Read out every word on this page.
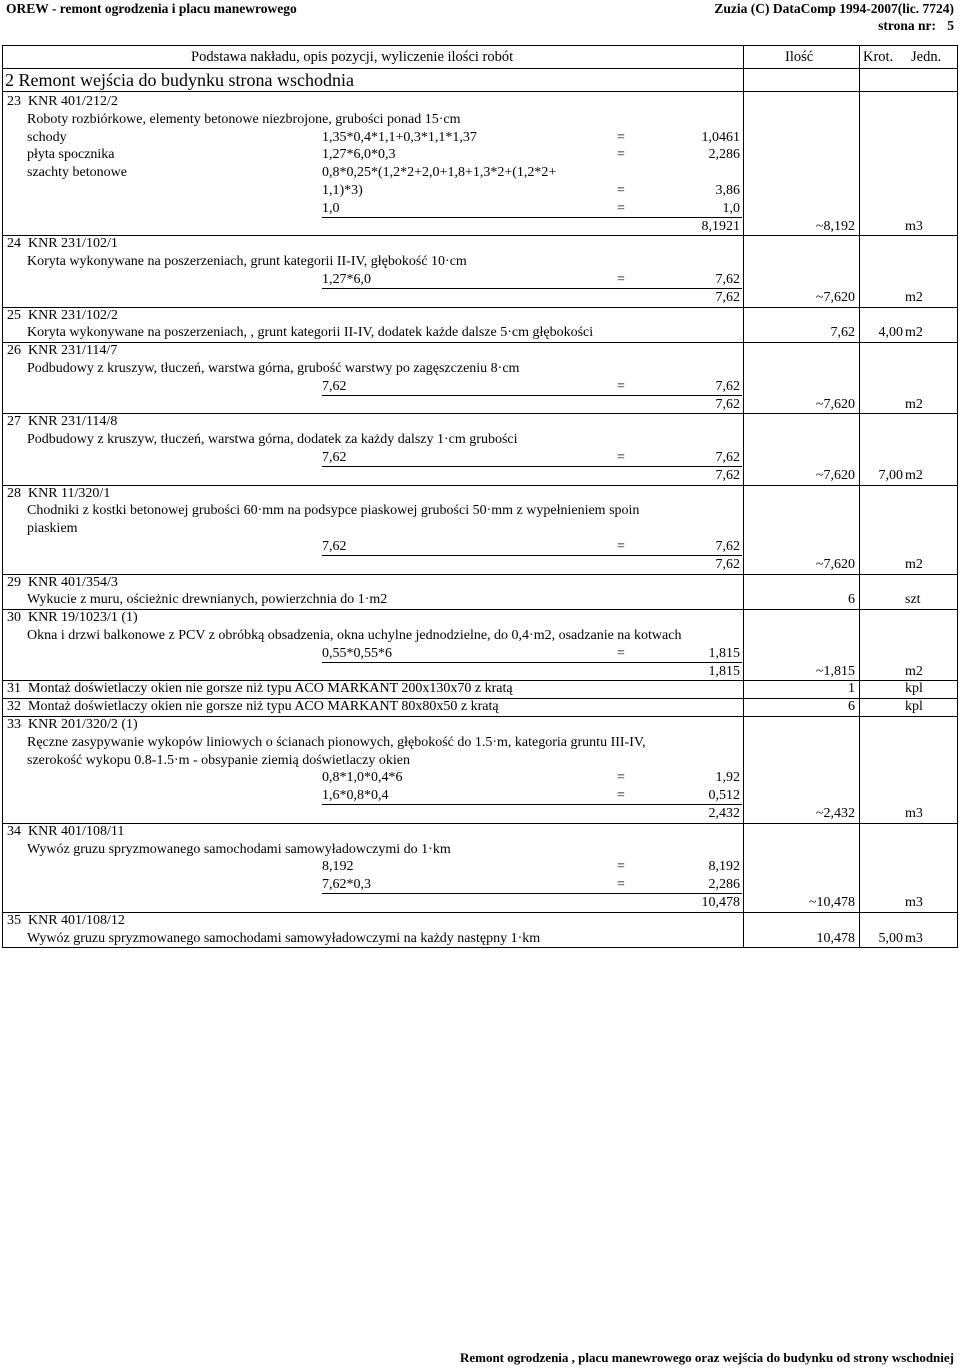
OREW - remont ogrodzenia i placu manewrowego	Zuzia (C) DataComp 1994-2007(lic. 7724)
strona nr: 5
Podstawa nakładu, opis pozycji, wyliczenie ilości robót	Ilość	Krot. Jedn.
2 Remont wejścia do budynku strona wschodnia
23 KNR 401/212/2
Roboty rozbiórkowe, elementy betonowe niezbrojone, grubości ponad 15·cm
schody	1,35*0,4*1,1+0,3*1,1*1,37	=	1,0461
płyta spocznika	1,27*6,0*0,3	=	2,286
szachty betonowe	0,8*0,25*(1,2*2+2,0+1,8+1,3*2+(1,2*2+
1,1)*3)	=	3,86
1,0	=	1,0
8,1921	~8,192	m3
24 KNR 231/102/1
Koryta wykonywane na poszerzeniach, grunt kategorii II-IV, głębokość 10·cm
1,27*6,0	=	7,62
7,62	~7,620	m2
25 KNR 231/102/2
Koryta wykonywane na poszerzeniach, , grunt kategorii II-IV, dodatek każde dalsze 5·cm głębokości	7,62 4,00 m2
26 KNR 231/114/7
Podbudowy z kruszyw, tłuczeń, warstwa górna, grubość warstwy po zagęszczeniu 8·cm
7,62	=	7,62
7,62	~7,620	m2
27 KNR 231/114/8
Podbudowy z kruszyw, tłuczeń, warstwa górna, dodatek za każdy dalszy 1·cm grubości
7,62	=	7,62
7,62	~7,620 7,00 m2
28 KNR 11/320/1
Chodniki z kostki betonowej grubości 60·mm na podsypce piaskowej grubości 50·mm z wypełnieniem spoin
piaskiem
7,62	=	7,62
7,62	~7,620	m2
29 KNR 401/354/3
Wykucie z muru, ościeżnic drewnianych, powierzchnia do 1·m2	6	szt
30 KNR 19/1023/1 (1)
Okna i drzwi balkonowe z PCV z obróbką obsadzenia, okna uchylne jednodzielne, do 0,4·m2, osadzanie na kotwach
0,55*0,55*6	=	1,815
1,815	~1,815	m2
31 Montaż doświetlaczy okien nie gorsze niż typu ACO MARKANT 200x130x70 z kratą	1	kpl
32 Montaż doświetlaczy okien nie gorsze niż typu ACO MARKANT 80x80x50 z kratą	6	kpl
33 KNR 201/320/2 (1)
Ręczne zasypywanie wykopów liniowych o ścianach pionowych, głębokość do 1.5·m, kategoria gruntu III-IV,
szerokość wykopu 0.8-1.5·m - obsypanie ziemią doświetlaczy okien
0,8*1,0*0,4*6	=	1,92
1,6*0,8*0,4	=	0,512
2,432	~2,432	m3
34 KNR 401/108/11
Wywóz gruzu spryzmowanego samochodami samowyładowczymi do 1·km
8,192	=	8,192
7,62*0,3	=	2,286
10,478	~10,478	m3
35 KNR 401/108/12
Wywóz gruzu spryzmowanego samochodami samowyładowczymi na każdy następny 1·km	10,478 5,00 m3
Remont ogrodzenia , placu manewrowego oraz wejścia do budynku od strony wschodniej
